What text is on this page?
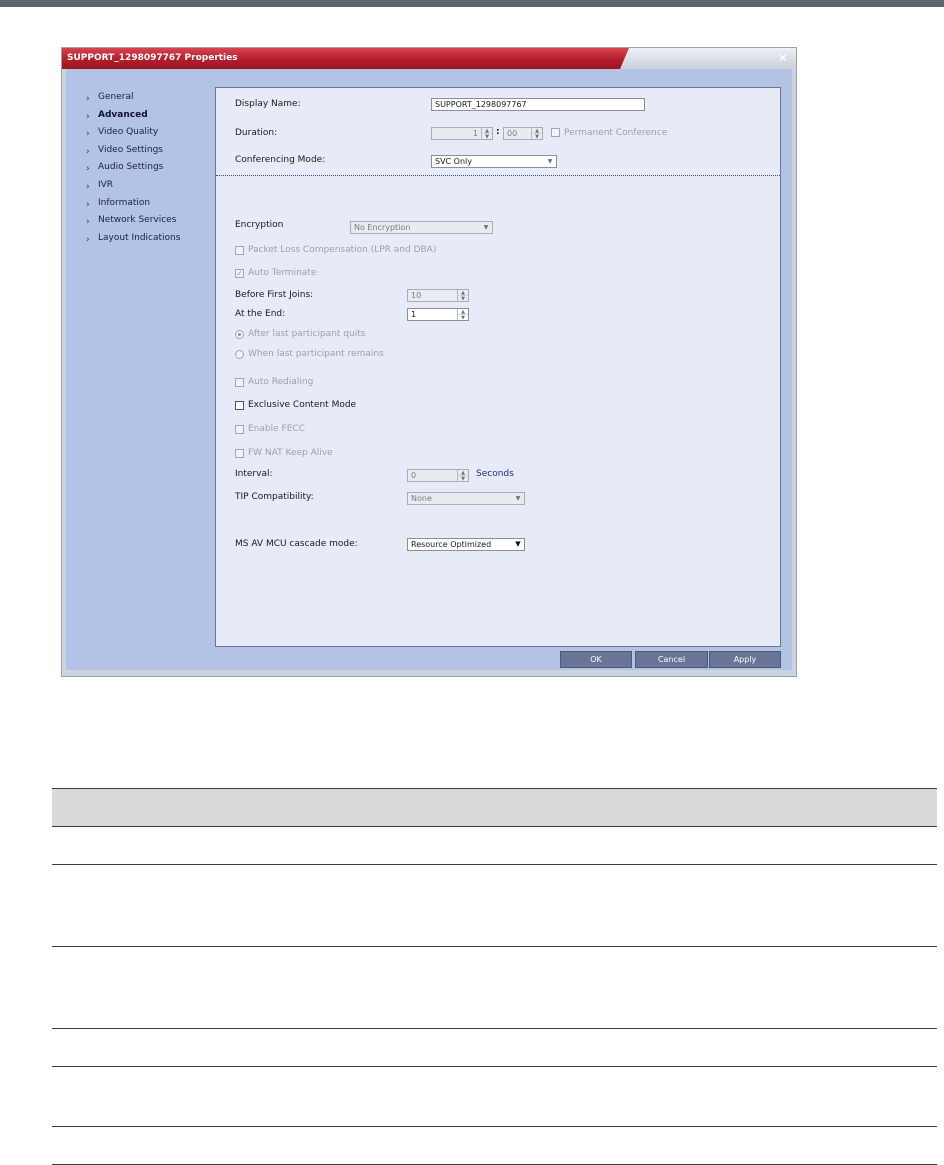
SUPPORT_1298097767 Properties	×
› General
› Advanced
› Video Quality
› Video Settings
› Audio Settings
› IVR
› Information
› Network Services
› Layout Indications
Display Name:	SUPPORT_1298097767
Duration:	1	▲
▼ : 00	▲
▼	Permanent Conference
Conferencing Mode:	SVC Only	▼
Encryption	No Encryption	▼
Packet Loss Compensation (LPR and DBA)
✓ Auto Terminate
Before First Joins:	10	▲
▼
At the End:	1	▲
▼
After last participant quits
When last participant remains
Auto Redialing
Exclusive Content Mode
Enable FECC
FW NAT Keep Alive
Interval:	0	▲
▼	Seconds
TIP Compatibility:	None	▼
MS AV MCU cascade mode:	Resource Optimized	▼
OK	Cancel	Apply
